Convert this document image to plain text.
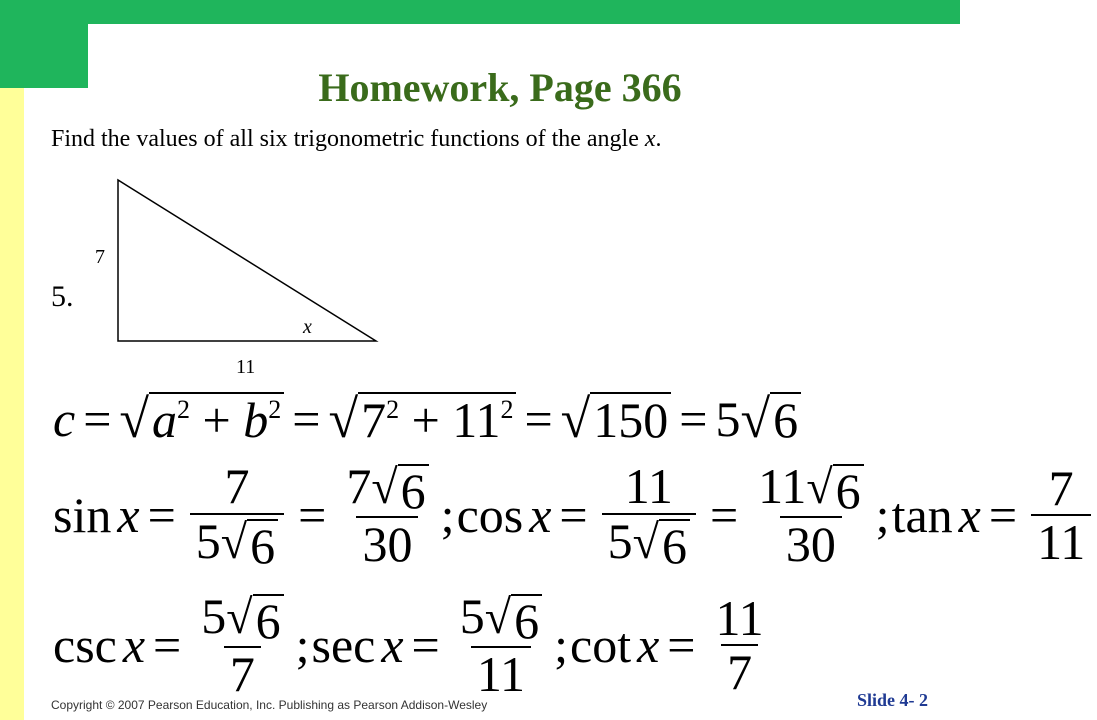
Homework, Page 366
Find the values of all six trigonometric functions of the angle x.
7
11
x
5.
c = √ $a^2 + b^2$ = √ $7^2 + 11^2$ = √ 150 = 5 √ 6
$\sin x = \frac{7}{5 √ 6} = \frac{7 √ 6}{30}$ ; $\cos x = \frac{11}{5 √ 6} = \frac{11 √ 6}{30}$ ; $\tan x = \frac{7}{11}$
$\csc x = \frac{5 √ 6}{7}$ ; $\sec x = \frac{5 √ 6}{11}$ ; $\cot x = \frac{11}{7}$
Copyright © 2007 Pearson Education, Inc. Publishing as Pearson Addison-Wesley	Slide 4- 2
